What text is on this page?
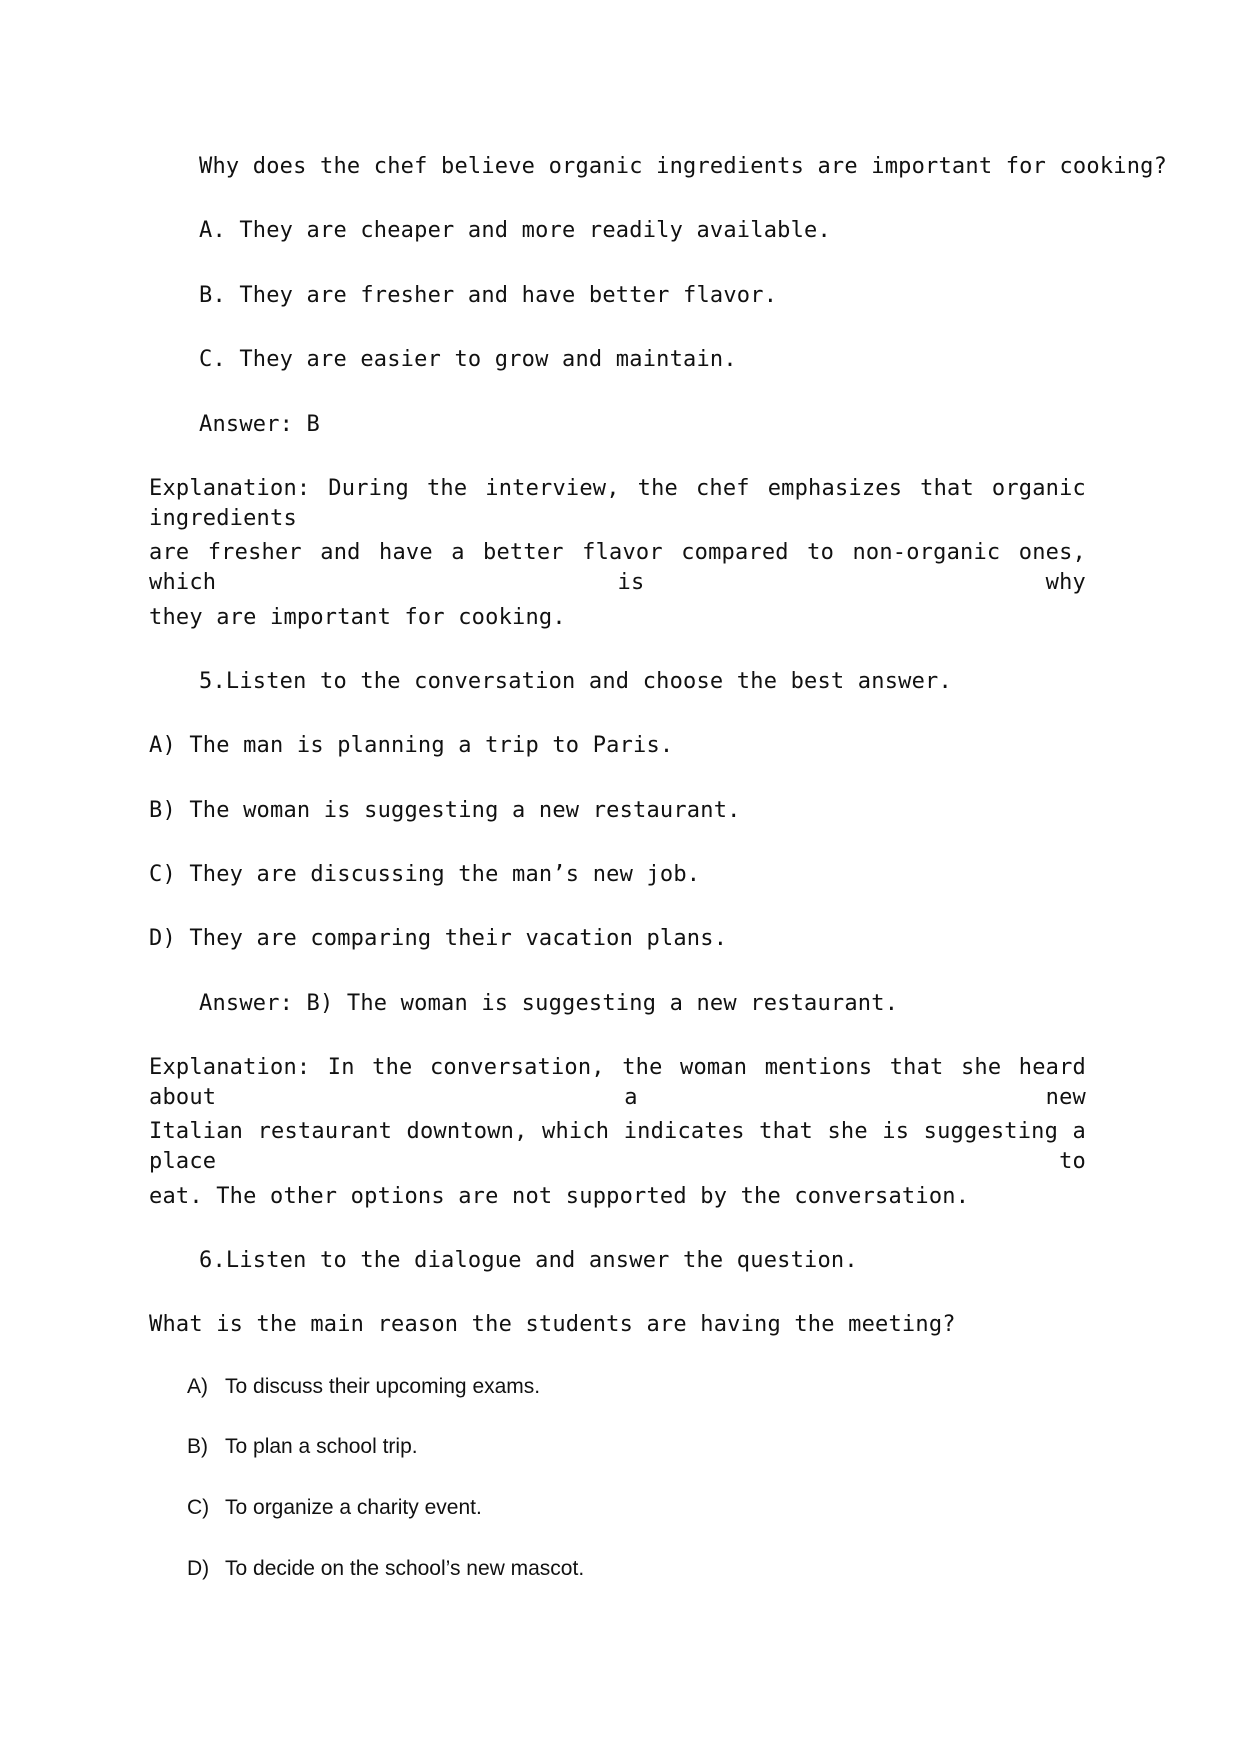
Why does the chef believe organic ingredients are important for cooking?
A. They are cheaper and more readily available.
B. They are fresher and have better flavor.
C. They are easier to grow and maintain.
Answer: B
Explanation: During the interview, the chef emphasizes that organic ingredients
are fresher and have a better flavor compared to non-organic ones, which is why
they are important for cooking.
5.Listen to the conversation and choose the best answer.
A) The man is planning a trip to Paris.
B) The woman is suggesting a new restaurant.
C) They are discussing the man’s new job.
D) They are comparing their vacation plans.
Answer: B) The woman is suggesting a new restaurant.
Explanation: In the conversation, the woman mentions that she heard about a new
Italian restaurant downtown, which indicates that she is suggesting a place to
eat. The other options are not supported by the conversation.
6.Listen to the dialogue and answer the question.
What is the main reason the students are having the meeting?
A) To discuss their upcoming exams.
B) To plan a school trip.
C) To organize a charity event.
D) To decide on the school’s new mascot.
